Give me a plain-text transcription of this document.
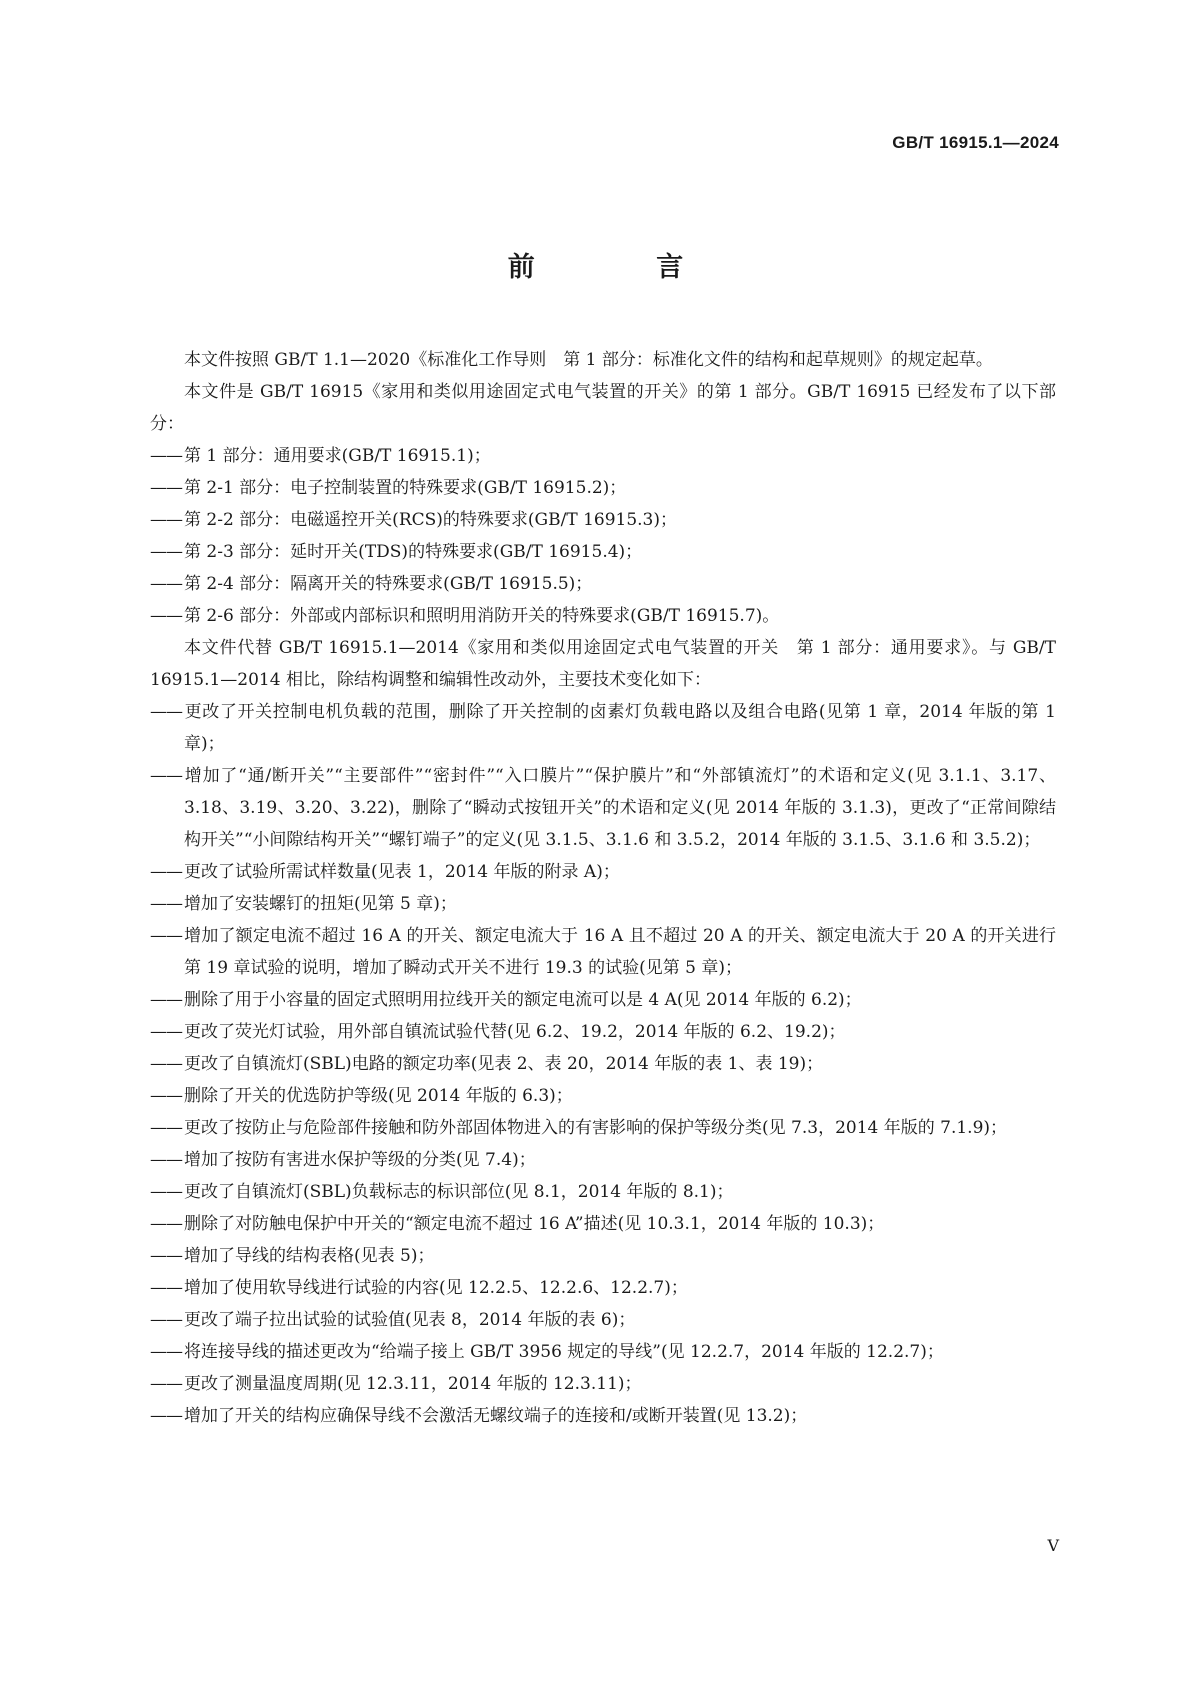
GB/T 16915.1—2024
前 言

本文件按照 GB/T 1.1—2020《标准化工作导则　第 1 部分：标准化文件的结构和起草规则》的规定起草。

本文件是 GB/T 16915《家用和类似用途固定式电气装置的开关》的第 1 部分。GB/T 16915 已经发布了以下部分：

—— 第 1 部分：通用要求(GB/T 16915.1)；

—— 第 2-1 部分：电子控制装置的特殊要求(GB/T 16915.2)；

—— 第 2-2 部分：电磁遥控开关(RCS)的特殊要求(GB/T 16915.3)；

—— 第 2-3 部分：延时开关(TDS)的特殊要求(GB/T 16915.4)；

—— 第 2-4 部分：隔离开关的特殊要求(GB/T 16915.5)；

—— 第 2-6 部分：外部或内部标识和照明用消防开关的特殊要求(GB/T 16915.7)。

本文件代替 GB/T 16915.1—2014《家用和类似用途固定式电气装置的开关　第 1 部分：通用要求》。与 GB/T 16915.1—2014 相比，除结构调整和编辑性改动外，主要技术变化如下：

—— 更改了开关控制电机负载的范围，删除了开关控制的卤素灯负载电路以及组合电路(见第 1 章，2014 年版的第 1 章)；

—— 增加了“通/断开关”“主要部件”“密封件”“入口膜片”“保护膜片”和“外部镇流灯”的术语和定义(见 3.1.1、3.17、3.18、3.19、3.20、3.22)，删除了“瞬动式按钮开关”的术语和定义(见 2014 年版的 3.1.3)，更改了“正常间隙结构开关”“小间隙结构开关”“螺钉端子”的定义(见 3.1.5、3.1.6 和 3.5.2，2014 年版的 3.1.5、3.1.6 和 3.5.2)；

—— 更改了试验所需试样数量(见表 1，2014 年版的附录 A)；

—— 增加了安装螺钉的扭矩(见第 5 章)；

—— 增加了额定电流不超过 16 A 的开关、额定电流大于 16 A 且不超过 20 A 的开关、额定电流大于 20 A 的开关进行第 19 章试验的说明，增加了瞬动式开关不进行 19.3 的试验(见第 5 章)；

—— 删除了用于小容量的固定式照明用拉线开关的额定电流可以是 4 A(见 2014 年版的 6.2)；

—— 更改了荧光灯试验，用外部自镇流试验代替(见 6.2、19.2，2014 年版的 6.2、19.2)；

—— 更改了自镇流灯(SBL)电路的额定功率(见表 2、表 20，2014 年版的表 1、表 19)；

—— 删除了开关的优选防护等级(见 2014 年版的 6.3)；

—— 更改了按防止与危险部件接触和防外部固体物进入的有害影响的保护等级分类(见 7.3，2014 年版的 7.1.9)；

—— 增加了按防有害进水保护等级的分类(见 7.4)；

—— 更改了自镇流灯(SBL)负载标志的标识部位(见 8.1，2014 年版的 8.1)；

—— 删除了对防触电保护中开关的“额定电流不超过 16 A”描述(见 10.3.1，2014 年版的 10.3)；

—— 增加了导线的结构表格(见表 5)；

—— 增加了使用软导线进行试验的内容(见 12.2.5、12.2.6、12.2.7)；

—— 更改了端子拉出试验的试验值(见表 8，2014 年版的表 6)；

—— 将连接导线的描述更改为“给端子接上 GB/T 3956 规定的导线”(见 12.2.7，2014 年版的 12.2.7)；

—— 更改了测量温度周期(见 12.3.11，2014 年版的 12.3.11)；

—— 增加了开关的结构应确保导线不会激活无螺纹端子的连接和/或断开装置(见 13.2)；

V
